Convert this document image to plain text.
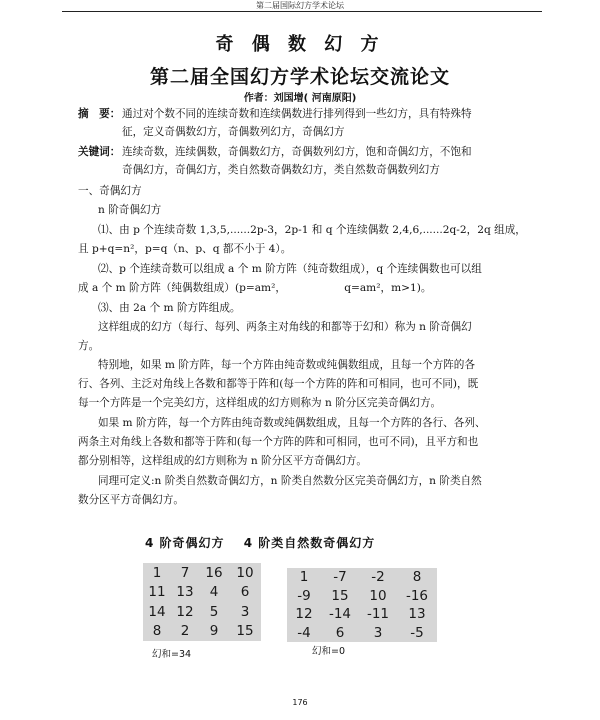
第二届国际幻方学术论坛
奇 偶 数 幻 方
第二届全国幻方学术论坛交流论文
作者：刘国增( 河南原阳)
摘　要： 通过对个数不同的连续奇数和连续偶数进行排列得到一些幻方，具有特殊特
征，定义奇偶数幻方，奇偶数列幻方，奇偶幻方
关键词： 连续奇数，连续偶数，奇偶数幻方，奇偶数列幻方，饱和奇偶幻方，不饱和
奇偶幻方，奇偶幻方，类自然数奇偶数幻方，类自然数奇偶数列幻方
一、奇偶幻方
n 阶奇偶幻方
⑴、由 p 个连续奇数 1,3,5,......2p-3，2p-1 和 q 个连续偶数 2,4,6,......2q-2，2q 组成，
且 p+q=n²，p=q（n、p、q 都不小于 4）。
⑵、p 个连续奇数可以组成 a 个 m 阶方阵（纯奇数组成），q 个连续偶数也可以组
成 a 个 m 阶方阵（纯偶数组成）(p=am²，　　　　　　q=am²，m>1)。
⑶、由 2a 个 m 阶方阵组成。
这样组成的幻方（每行、每列、两条主对角线的和都等于幻和）称为 n 阶奇偶幻
方。
特别地，如果 m 阶方阵，每一个方阵由纯奇数或纯偶数组成，且每一个方阵的各
行、各列、主泛对角线上各数和都等于阵和(每一个方阵的阵和可相同，也可不同)，既
每一个方阵是一个完美幻方，这样组成的幻方则称为 n 阶分区完美奇偶幻方。
如果 m 阶方阵，每一个方阵由纯奇数或纯偶数组成，且每一个方阵的各行、各列、
两条主对角线上各数和都等于阵和(每一个方阵的阵和可相同，也可不同)，且平方和也
都分别相等，这样组成的幻方则称为 n 阶分区平方奇偶幻方。
同理可定义:n 阶类自然数奇偶幻方，n 阶类自然数分区完美奇偶幻方，n 阶类自然
数分区平方奇偶幻方。
4 阶奇偶幻方 4 阶类自然数奇偶幻方
1	7	16	10
11 13	4	6
14 12	5	3
8	2	9	15
1	-7	-2	8
-9	15	10	-16
12	-14	-11	13
-4	6	3	-5
幻和=34	幻和=0
176
